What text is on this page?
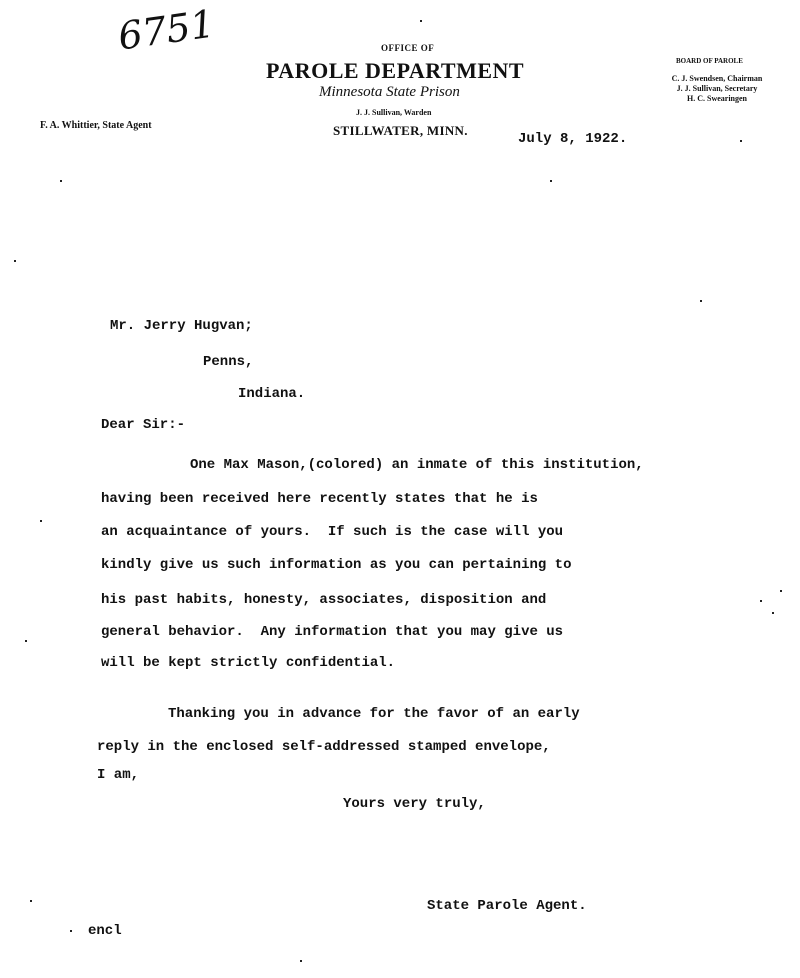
6751	OFFICE OF
PAROLE DEPARTMENT
Minnesota State Prison
J. J. Sullivan, Warden
STILLWATER, MINN.
BOARD OF PAROLE
C. J. Swendsen, Chairman
J. J. Sullivan, Secretary
H. C. Swearingen
F. A. Whittier, State Agent
July 8, 1922.
Mr. Jerry Hugvan;
Penns,
Indiana.
Dear Sir:-
One Max Mason,(colored) an inmate of this institution,
having been received here recently states that he is
an acquaintance of yours.  If such is the case will you
kindly give us such information as you can pertaining to
his past habits, honesty, associates, disposition and
general behavior.  Any information that you may give us
will be kept strictly confidential.
Thanking you in advance for the favor of an early
reply in the enclosed self-addressed stamped envelope,
I am,
Yours very truly,
State Parole Agent.
encl
